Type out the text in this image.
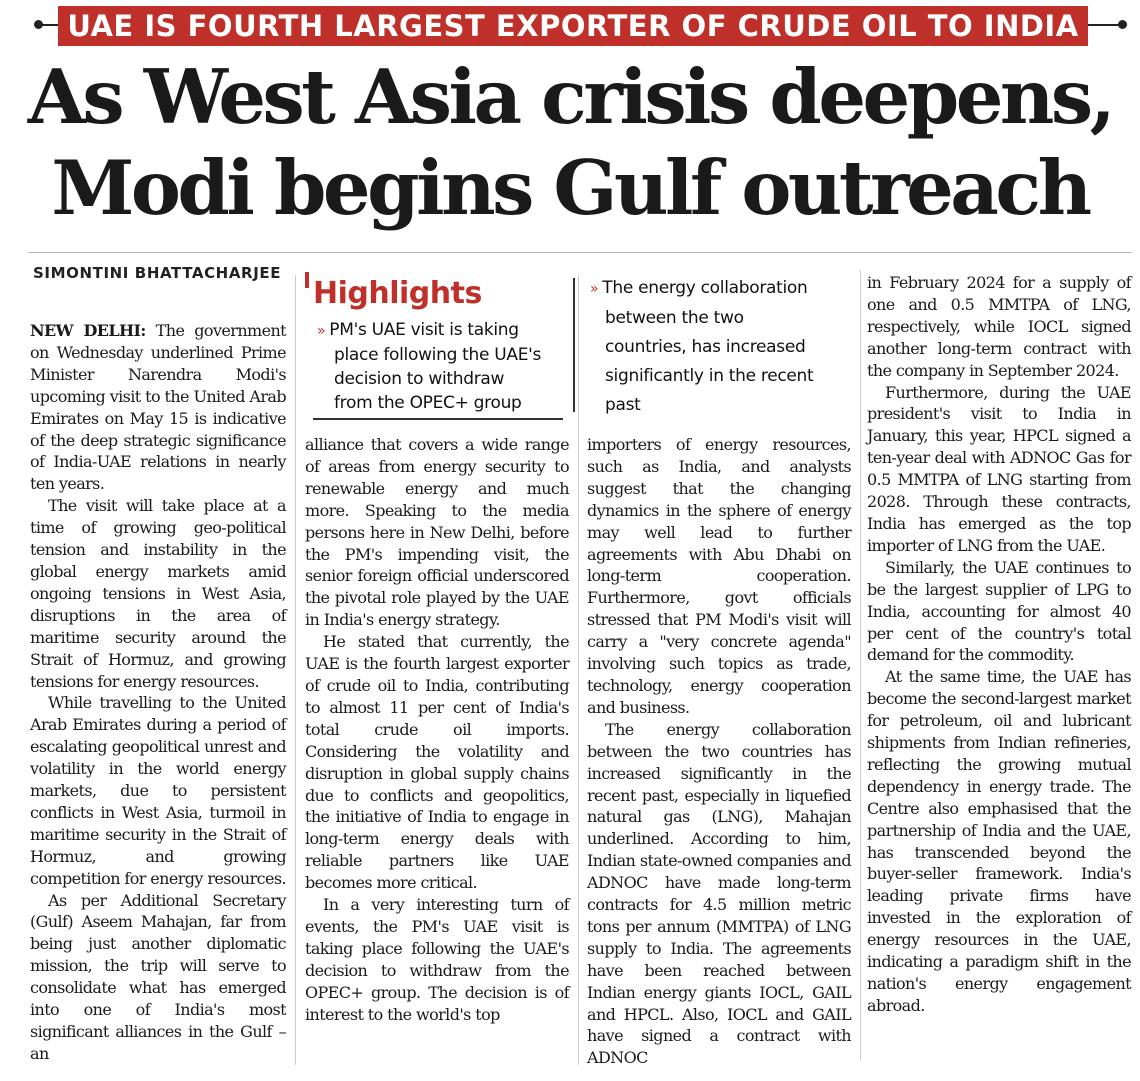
UAE IS FOURTH LARGEST EXPORTER OF CRUDE OIL TO INDIA
As West Asia crisis deepens,
Modi begins Gulf outreach
SIMONTINI BHATTACHARJEE
Highlights
» PM's UAE visit is taking
place following the UAE's
decision to withdraw
from the OPEC+ group
» The energy collaboration
between the two
countries, has increased
significantly in the recent
past

NEW DELHI: The government on Wednesday underlined Prime Minister Narendra Modi's upcoming visit to the United Arab Emirates on May 15 is indicative of the deep strategic significance of India-UAE relations in nearly ten years.

The visit will take place at a time of growing geo-political tension and instability in the global energy markets amid ongoing tensions in West Asia, disruptions in the area of maritime security around the Strait of Hormuz, and growing tensions for energy resources.

While travelling to the United Arab Emirates during a period of escalating geopolitical unrest and volatility in the world energy markets, due to persistent conflicts in West Asia, turmoil in maritime security in the Strait of Hormuz, and growing competition for energy resources.

As per Additional Secretary (Gulf) Aseem Mahajan, far from being just another diplomatic mission, the trip will serve to consolidate what has emerged into one of India's most significant alliances in the Gulf – an

alliance that covers a wide range of areas from energy security to renewable energy and much more. Speaking to the media persons here in New Delhi, before the PM's impending visit, the senior foreign official underscored the pivotal role played by the UAE in India's energy strategy.

He stated that currently, the UAE is the fourth largest exporter of crude oil to India, contributing to almost 11 per cent of India's total crude oil imports. Considering the volatility and disruption in global supply chains due to conflicts and geopolitics, the initiative of India to engage in long-term energy deals with reliable partners like UAE becomes more critical.

In a very interesting turn of events, the PM's UAE visit is taking place following the UAE's decision to withdraw from the OPEC+ group. The decision is of interest to the world's top

importers of energy resources, such as India, and analysts suggest that the changing dynamics in the sphere of energy may well lead to further agreements with Abu Dhabi on long-term cooperation. Furthermore, govt officials stressed that PM Modi's visit will carry a "very concrete agenda" involving such topics as trade, technology, energy cooperation and business.

The energy collaboration between the two countries has increased significantly in the recent past, especially in liquefied natural gas (LNG), Mahajan underlined. According to him, Indian state-owned companies and ADNOC have made long-term contracts for 4.5 million metric tons per annum (MMTPA) of LNG supply to India. The agreements have been reached between Indian energy giants IOCL, GAIL and HPCL. Also, IOCL and GAIL have signed a contract with ADNOC

in February 2024 for a supply of one and 0.5 MMTPA of LNG, respectively, while IOCL signed another long-term contract with the company in September 2024.

Furthermore, during the UAE president's visit to India in January, this year, HPCL signed a ten-year deal with ADNOC Gas for 0.5 MMTPA of LNG starting from 2028. Through these contracts, India has emerged as the top importer of LNG from the UAE.

Similarly, the UAE continues to be the largest supplier of LPG to India, accounting for almost 40 per cent of the country's total demand for the commodity.

At the same time, the UAE has become the second-largest market for petroleum, oil and lubricant shipments from Indian refineries, reflecting the growing mutual dependency in energy trade. The Centre also emphasised that the partnership of India and the UAE, has transcended beyond the buyer-seller framework. India's leading private firms have invested in the exploration of energy resources in the UAE, indicating a paradigm shift in the nation's energy engagement abroad.
